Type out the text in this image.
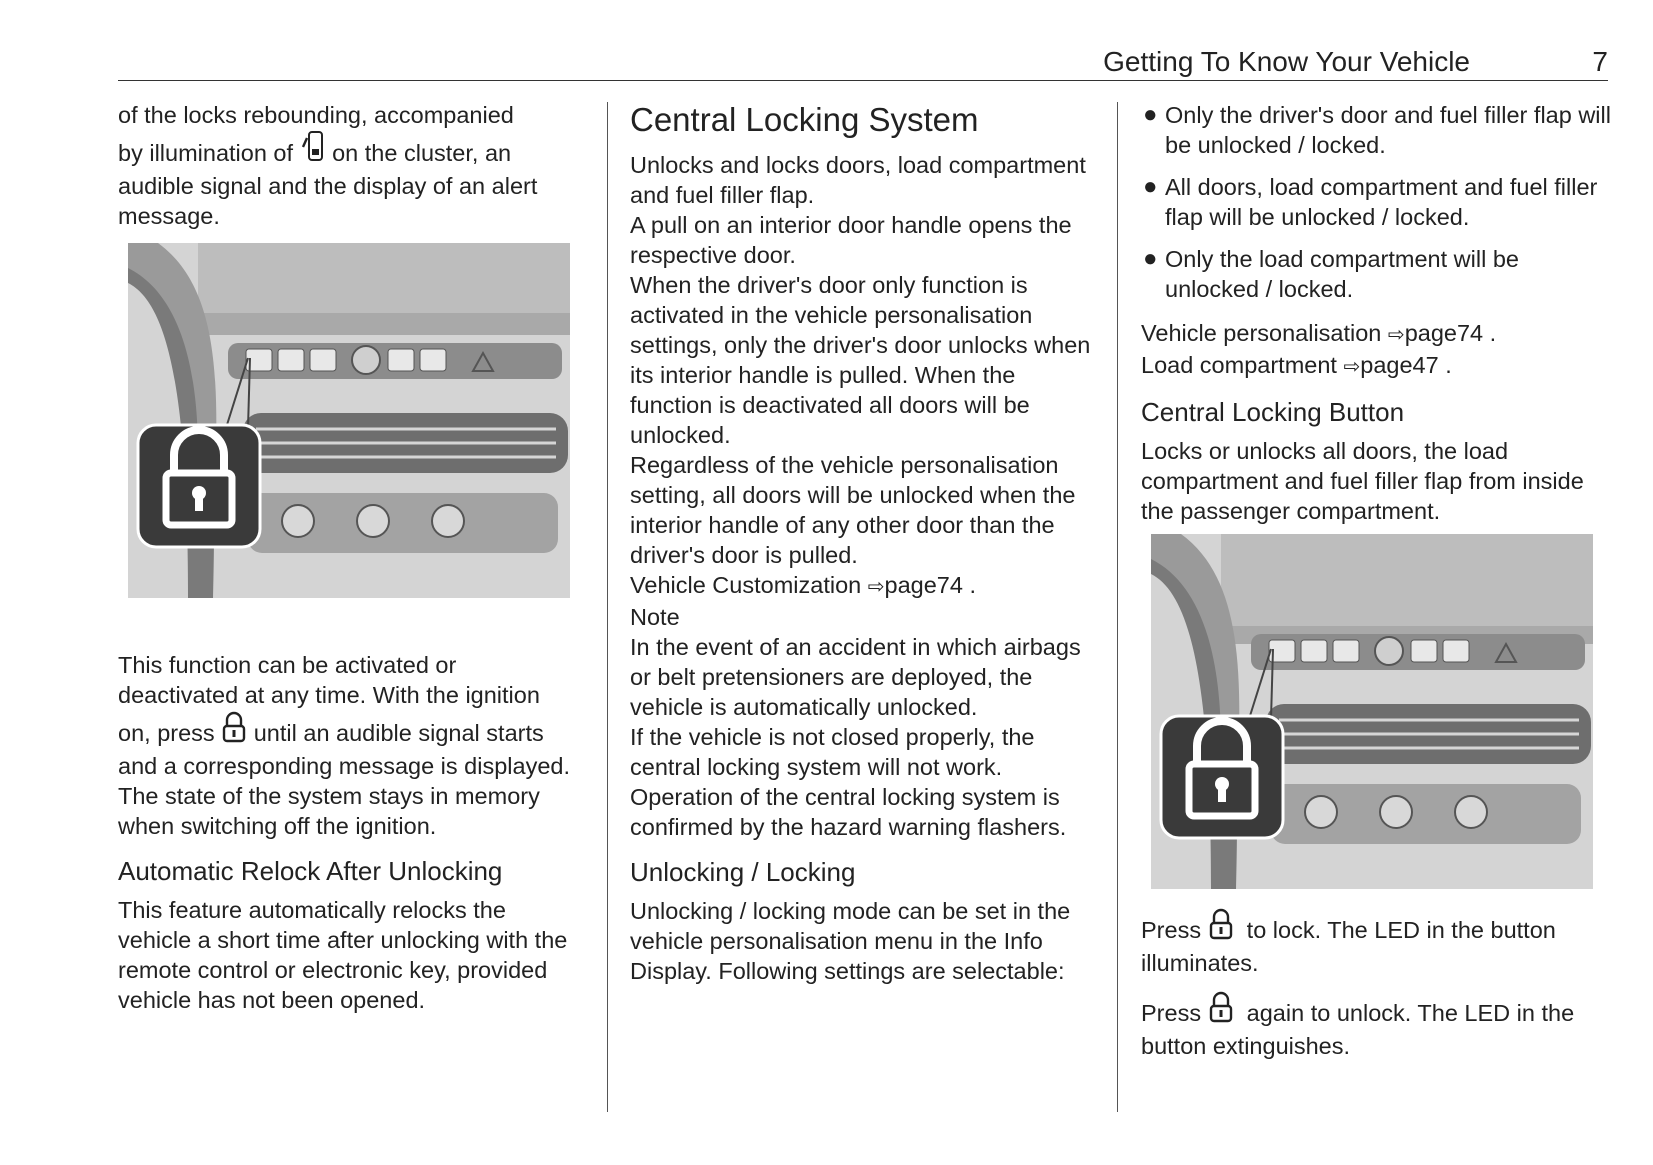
Getting To Know Your Vehicle	7

of the locks rebounding, accompanied
by illumination of on the cluster, an audible signal and the display of an alert message.

This function can be activated or deactivated at any time. With the ignition
on, press until an audible signal starts and a corresponding message is displayed.

The state of the system stays in memory when switching off the ignition.

Automatic Relock After Unlocking

This feature automatically relocks the vehicle a short time after unlocking with the remote control or electronic key, provided vehicle has not been opened.

Central Locking System

Unlocks and locks doors, load compartment and fuel filler flap.

A pull on an interior door handle opens the respective door.

When the driver's door only function is activated in the vehicle personalisation settings, only the driver's door unlocks when its interior handle is pulled. When the function is deactivated all doors will be unlocked.

Regardless of the vehicle personalisation setting, all doors will be unlocked when the interior handle of any other door than the driver's door is pulled.

Vehicle Customization ⇨page74 .

Note

In the event of an accident in which airbags or belt pretensioners are deployed, the vehicle is automatically unlocked.

If the vehicle is not closed properly, the central locking system will not work.

Operation of the central locking system is confirmed by the hazard warning flashers.

Unlocking / Locking

Unlocking / locking mode can be set in the vehicle personalisation menu in the Info Display. Following settings are selectable:

● Only the driver's door and fuel filler flap will be unlocked / locked.
● All doors, load compartment and fuel filler flap will be unlocked / locked.
● Only the load compartment will be unlocked / locked.

Vehicle personalisation ⇨page74 .

Load compartment ⇨page47 .

Central Locking Button

Locks or unlocks all doors, the load compartment and fuel filler flap from inside the passenger compartment.

Press to lock. The LED in the button illuminates.

Press again to unlock. The LED in the button extinguishes.
